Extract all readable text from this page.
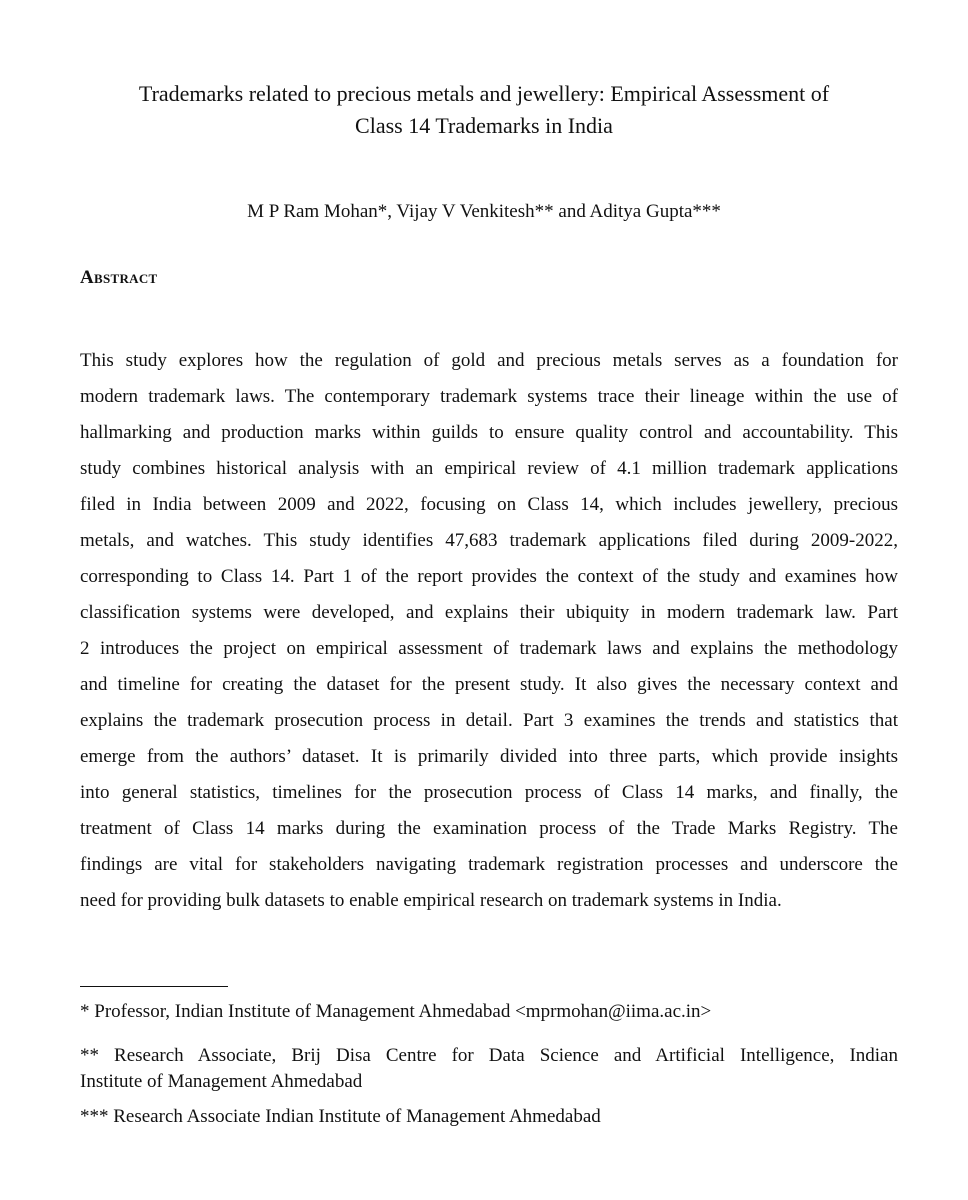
Trademarks related to precious metals and jewellery: Empirical Assessment of
Class 14 Trademarks in India
M P Ram Mohan*, Vijay V Venkitesh** and Aditya Gupta***
Abstract
This study explores how the regulation of gold and precious metals serves as a foundation for
modern trademark laws. The contemporary trademark systems trace their lineage within the use of
hallmarking and production marks within guilds to ensure quality control and accountability. This
study combines historical analysis with an empirical review of 4.1 million trademark applications
filed in India between 2009 and 2022, focusing on Class 14, which includes jewellery, precious
metals, and watches. This study identifies 47,683 trademark applications filed during 2009-2022,
corresponding to Class 14. Part 1 of the report provides the context of the study and examines how
classification systems were developed, and explains their ubiquity in modern trademark law. Part
2 introduces the project on empirical assessment of trademark laws and explains the methodology
and timeline for creating the dataset for the present study. It also gives the necessary context and
explains the trademark prosecution process in detail. Part 3 examines the trends and statistics that
emerge from the authors’ dataset. It is primarily divided into three parts, which provide insights
into general statistics, timelines for the prosecution process of Class 14 marks, and finally, the
treatment of Class 14 marks during the examination process of the Trade Marks Registry. The
findings are vital for stakeholders navigating trademark registration processes and underscore the
need for providing bulk datasets to enable empirical research on trademark systems in India.
* Professor, Indian Institute of Management Ahmedabad <mprmohan@iima.ac.in>
** Research Associate, Brij Disa Centre for Data Science and Artificial Intelligence, Indian
Institute of Management Ahmedabad
*** Research Associate Indian Institute of Management Ahmedabad
